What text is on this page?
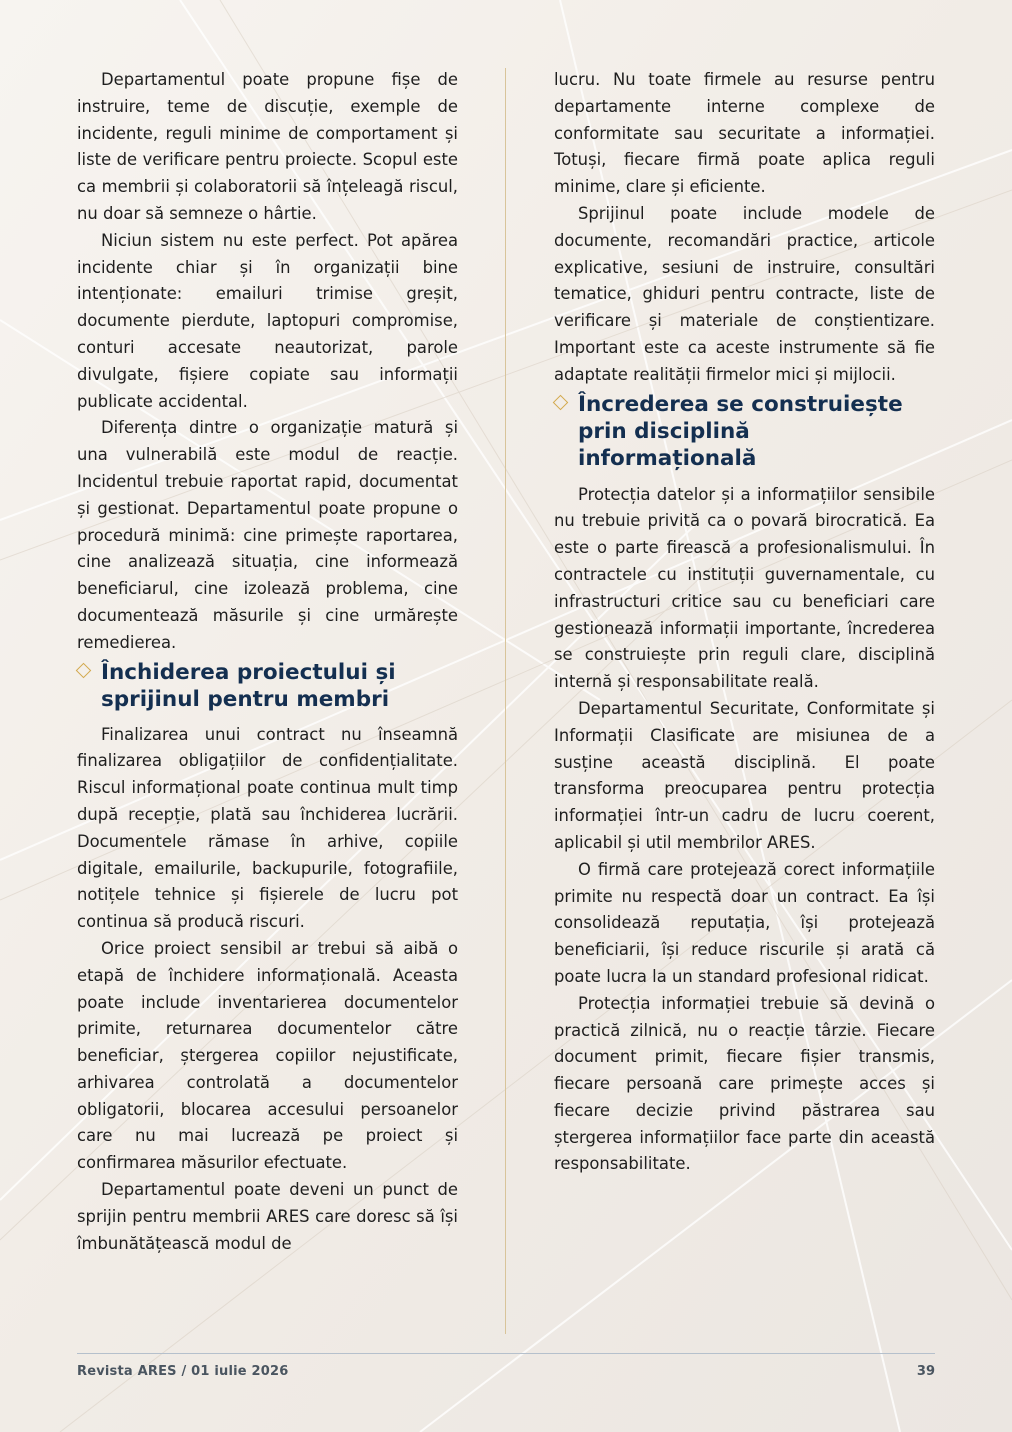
Departamentul poate propune fișe de instruire, teme de discuție, exemple de incidente, reguli minime de comportament și liste de verificare pentru proiecte. Scopul este ca membrii și colaboratorii să înțeleagă riscul, nu doar să semneze o hârtie.

Niciun sistem nu este perfect. Pot apărea incidente chiar și în organizații bine intenționate: emailuri trimise greșit, documente pierdute, laptopuri compromise, conturi accesate neautorizat, parole divulgate, fișiere copiate sau informații publicate accidental.

Diferența dintre o organizație matură și una vulnerabilă este modul de reacție. Incidentul trebuie raportat rapid, documentat și gestionat. Departamentul poate propune o procedură minimă: cine primește raportarea, cine analizează situația, cine informează beneficiarul, cine izolează problema, cine documentează măsurile și cine urmărește remedierea.

Închiderea proiectului și sprijinul pentru membri

Finalizarea unui contract nu înseamnă finalizarea obligațiilor de confidențialitate. Riscul informațional poate continua mult timp după recepție, plată sau închiderea lucrării. Documentele rămase în arhive, copiile digitale, emailurile, backupurile, fotografiile, notițele tehnice și fișierele de lucru pot continua să producă riscuri.

Orice proiect sensibil ar trebui să aibă o etapă de închidere informațională. Aceasta poate include inventarierea documentelor primite, returnarea documentelor către beneficiar, ștergerea copiilor nejustificate, arhivarea controlată a documentelor obligatorii, blocarea accesului persoanelor care nu mai lucrează pe proiect și confirmarea măsurilor efectuate.

Departamentul poate deveni un punct de sprijin pentru membrii ARES care doresc să își îmbunătățească modul de

lucru. Nu toate firmele au resurse pentru departamente interne complexe de conformitate sau securitate a informației. Totuși, fiecare firmă poate aplica reguli minime, clare și eficiente.

Sprijinul poate include modele de documente, recomandări practice, articole explicative, sesiuni de instruire, consultări tematice, ghiduri pentru contracte, liste de verificare și materiale de conștientizare. Important este ca aceste instrumente să fie adaptate realității firmelor mici și mijlocii.

Încrederea se construiește prin disciplină informațională

Protecția datelor și a informațiilor sensibile nu trebuie privită ca o povară birocratică. Ea este o parte firească a profesionalismului. În contractele cu instituții guvernamentale, cu infrastructuri critice sau cu beneficiari care gestionează informații importante, încrederea se construiește prin reguli clare, disciplină internă și responsabilitate reală.

Departamentul Securitate, Conformitate și Informații Clasificate are misiunea de a susține această disciplină. El poate transforma preocuparea pentru protecția informației într-un cadru de lucru coerent, aplicabil și util membrilor ARES.

O firmă care protejează corect informațiile primite nu respectă doar un contract. Ea își consolidează reputația, își protejează beneficiarii, își reduce riscurile și arată că poate lucra la un standard profesional ridicat.

Protecția informației trebuie să devină o practică zilnică, nu o reacție târzie. Fiecare document primit, fiecare fișier transmis, fiecare persoană care primește acces și fiecare decizie privind păstrarea sau ștergerea informațiilor face parte din această responsabilitate.

Revista ARES / 01 iulie 2026	39
